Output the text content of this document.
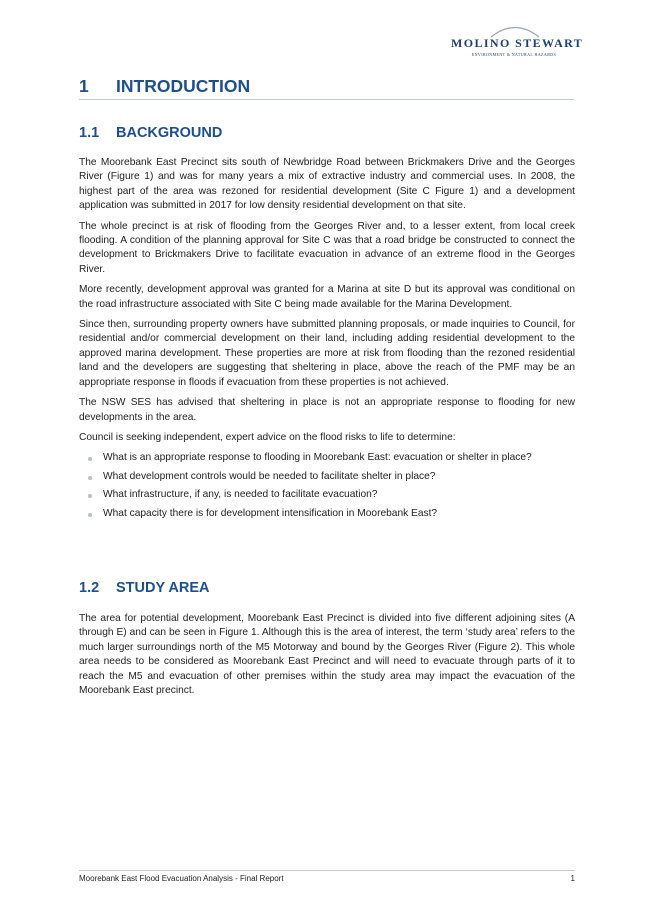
MOLINO STEWART
ENVIRONMENT & NATURAL HAZARDS
1 INTRODUCTION
1.1 BACKGROUND

The Moorebank East Precinct sits south of Newbridge Road between Brickmakers Drive and the Georges River (Figure 1) and was for many years a mix of extractive industry and commercial uses. In 2008, the highest part of the area was rezoned for residential development (Site C Figure 1) and a development application was submitted in 2017 for low density residential development on that site.

The whole precinct is at risk of flooding from the Georges River and, to a lesser extent, from local creek flooding. A condition of the planning approval for Site C was that a road bridge be constructed to connect the development to Brickmakers Drive to facilitate evacuation in advance of an extreme flood in the Georges River.

More recently, development approval was granted for a Marina at site D but its approval was conditional on the road infrastructure associated with Site C being made available for the Marina Development.

Since then, surrounding property owners have submitted planning proposals, or made inquiries to Council, for residential and/or commercial development on their land, including adding residential development to the approved marina development. These properties are more at risk from flooding than the rezoned residential land and the developers are suggesting that sheltering in place, above the reach of the PMF may be an appropriate response in floods if evacuation from these properties is not achieved.

The NSW SES has advised that sheltering in place is not an appropriate response to flooding for new developments in the area.

Council is seeking independent, expert advice on the flood risks to life to determine:

What is an appropriate response to flooding in Moorebank East: evacuation or shelter in place?
What development controls would be needed to facilitate shelter in place?
What infrastructure, if any, is needed to facilitate evacuation?
What capacity there is for development intensification in Moorebank East?
1.2 STUDY AREA

The area for potential development, Moorebank East Precinct is divided into five different adjoining sites (A through E) and can be seen in Figure 1. Although this is the area of interest, the term ‘study area’ refers to the much larger surroundings north of the M5 Motorway and bound by the Georges River (Figure 2). This whole area needs to be considered as Moorebank East Precinct and will need to evacuate through parts of it to reach the M5 and evacuation of other premises within the study area may impact the evacuation of the Moorebank East precinct.

Moorebank East Flood Evacuation Analysis - Final Report	1
